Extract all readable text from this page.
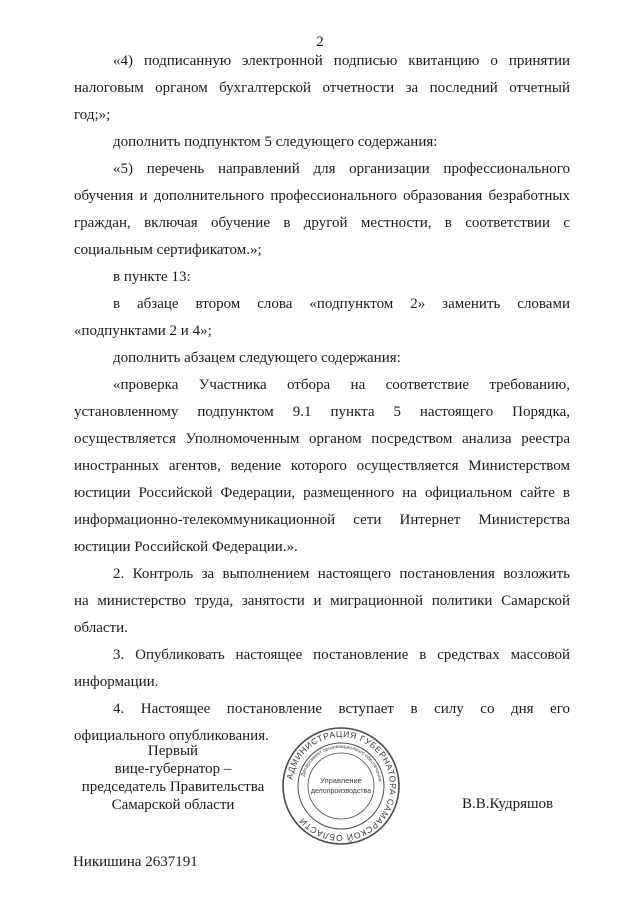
2
«4) подписанную электронной подписью квитанцию о принятии
налоговым органом бухгалтерской отчетности за последний отчетный
год;»;
дополнить подпунктом 5 следующего содержания:
«5) перечень направлений для организации профессионального
обучения и дополнительного профессионального образования безработных
граждан, включая обучение в другой местности, в соответствии с
социальным сертификатом.»;
в пункте 13:
в абзаце втором слова «подпунктом 2» заменить словами
«подпунктами 2 и 4»;
дополнить абзацем следующего содержания:
«проверка Участника отбора на соответствие требованию,
установленному подпунктом 9.1 пункта 5 настоящего Порядка,
осуществляется Уполномоченным органом посредством анализа реестра
иностранных агентов, ведение которого осуществляется Министерством
юстиции Российской Федерации, размещенного на официальном сайте в
информационно-телекоммуникационной сети Интернет Министерства
юстиции Российской Федерации.».
2. Контроль за выполнением настоящего постановления возложить
на министерство труда, занятости и миграционной политики Самарской
области.
3. Опубликовать настоящее постановление в средствах массовой
информации.
4. Настоящее постановление вступает в силу со дня его
официального опубликования.
Первый
вице-губернатор –
председатель Правительства
Самарской области
АДМИНИСТРАЦИЯ ГУБЕРНАТОРА САМАРСКОЙ ОБЛАСТИ
Департамент организационного обеспечения
Управление
делопроизводства
В.В.Кудряшов
Никишина 2637191
